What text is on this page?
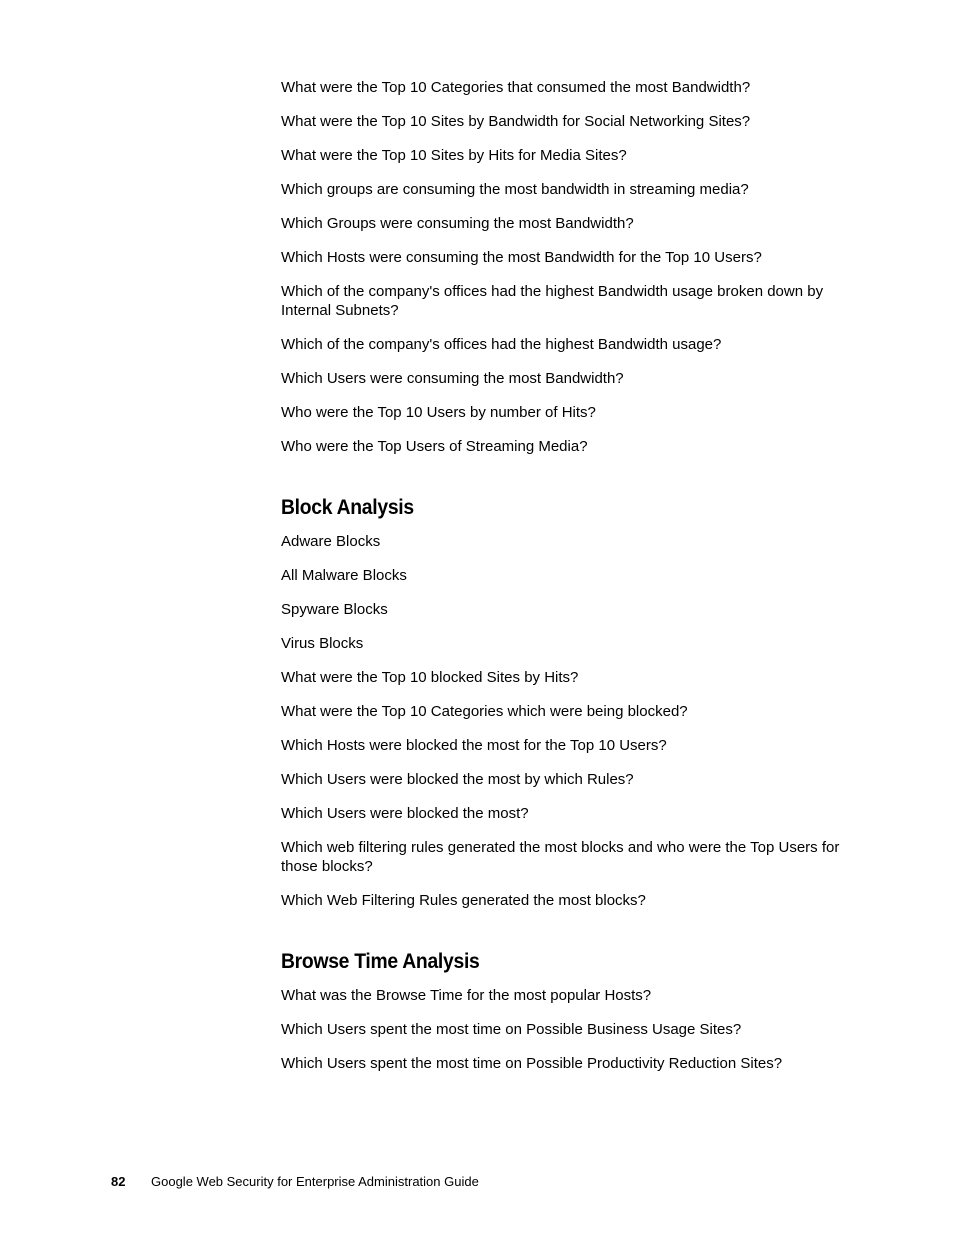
What were the Top 10 Categories that consumed the most Bandwidth?

What were the Top 10 Sites by Bandwidth for Social Networking Sites?

What were the Top 10 Sites by Hits for Media Sites?

Which groups are consuming the most bandwidth in streaming media?

Which Groups were consuming the most Bandwidth?

Which Hosts were consuming the most Bandwidth for the Top 10 Users?

Which of the company's offices had the highest Bandwidth usage broken down by Internal Subnets?

Which of the company's offices had the highest Bandwidth usage?

Which Users were consuming the most Bandwidth?

Who were the Top 10 Users by number of Hits?

Who were the Top Users of Streaming Media?

Block Analysis

Adware Blocks

All Malware Blocks

Spyware Blocks

Virus Blocks

What were the Top 10 blocked Sites by Hits?

What were the Top 10 Categories which were being blocked?

Which Hosts were blocked the most for the Top 10 Users?

Which Users were blocked the most by which Rules?

Which Users were blocked the most?

Which web filtering rules generated the most blocks and who were the Top Users for those blocks?

Which Web Filtering Rules generated the most blocks?

Browse Time Analysis

What was the Browse Time for the most popular Hosts?

Which Users spent the most time on Possible Business Usage Sites?

Which Users spent the most time on Possible Productivity Reduction Sites?

82 Google Web Security for Enterprise Administration Guide
